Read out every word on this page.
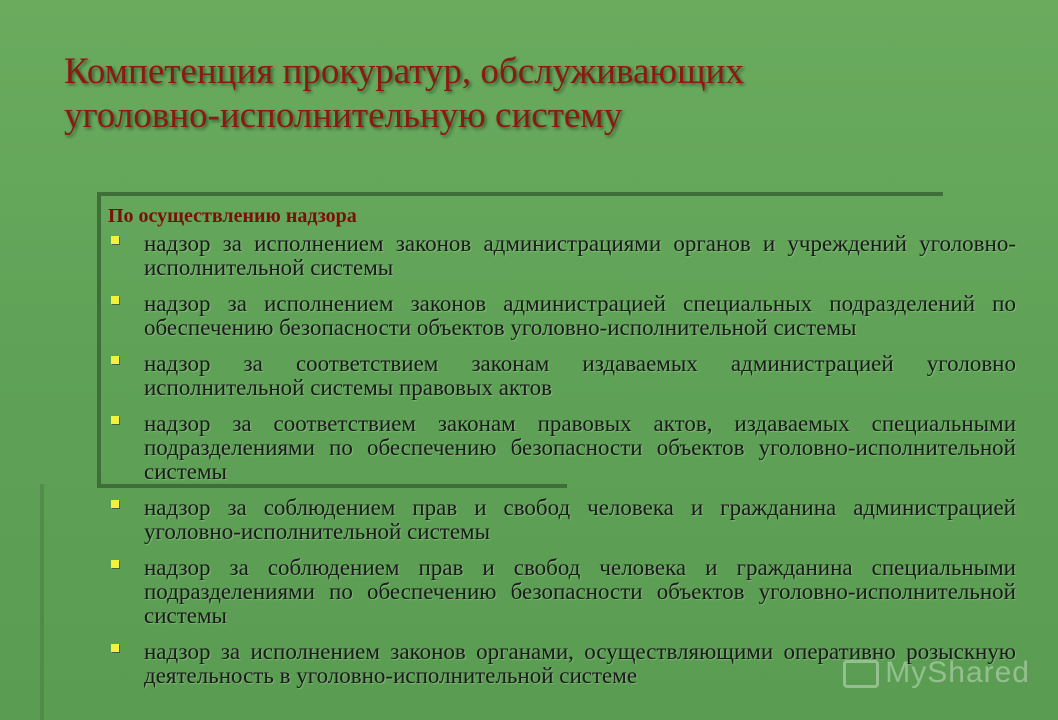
Компетенция прокуратур, обслуживающих
уголовно-исполнительную систему
По осуществлению надзора
надзор за исполнением законов администрациями органов и учреждений уголовно-исполнительной системы
надзор за исполнением законов администрацией специальных подразделений по обеспечению безопасности объектов уголовно-исполнительной системы
надзор за соответствием законам издаваемых администрацией уголовно исполнительной системы правовых актов
надзор за соответствием законам правовых актов, издаваемых специальными подразделениями по обеспечению безопасности объектов уголовно-исполнительной системы
надзор за соблюдением прав и свобод человека и гражданина администрацией уголовно-исполнительной системы
надзор за соблюдением прав и свобод человека и гражданина специальными подразделениями по обеспечению безопасности объектов уголовно-исполнительной системы
надзор за исполнением законов органами, осуществляющими оперативно розыскную деятельность в уголовно-исполнительной системе	MyShared
